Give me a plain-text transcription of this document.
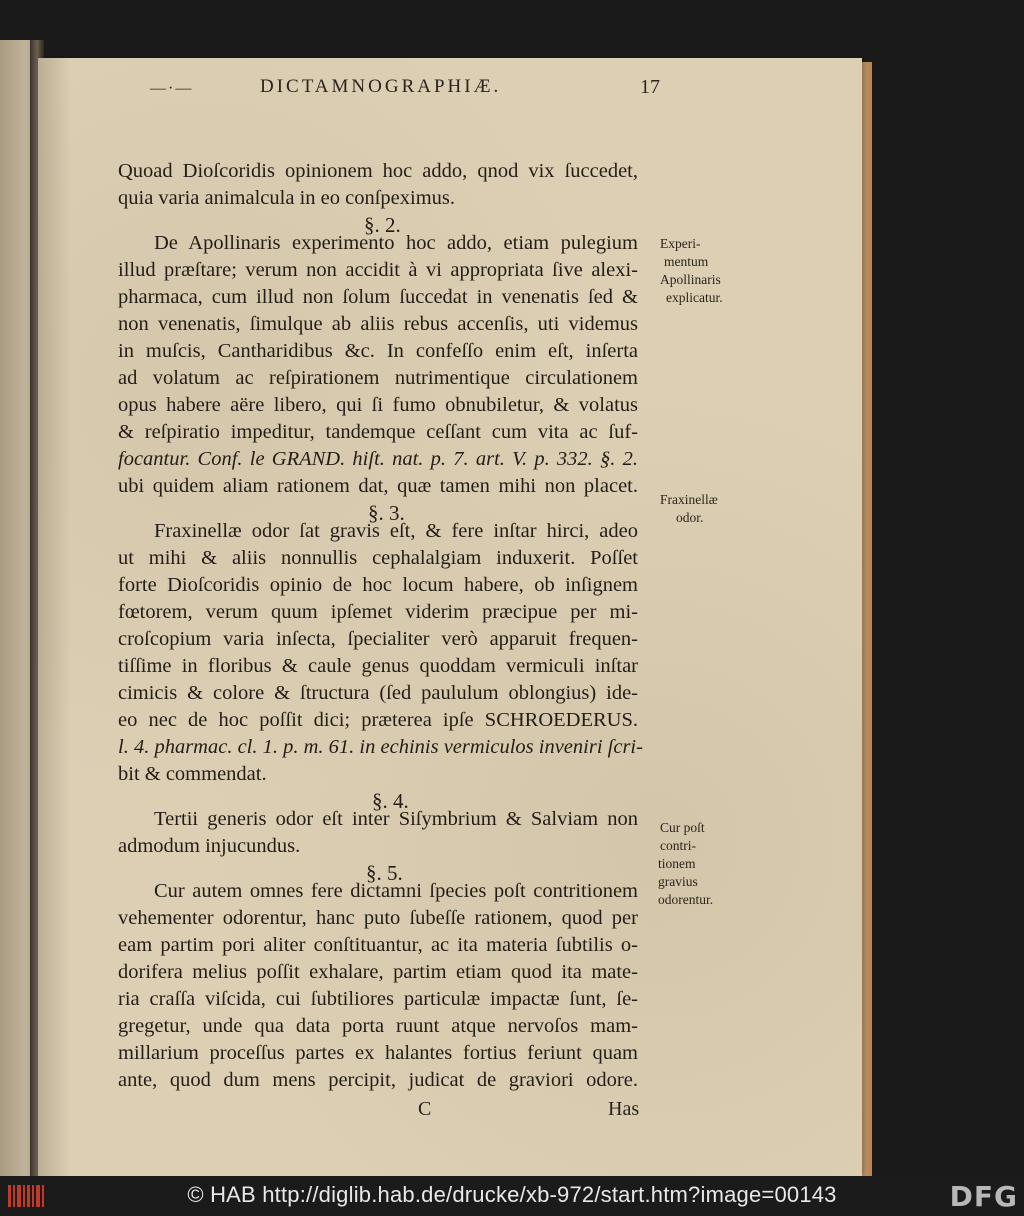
—·—	DICTAMNOGRAPHIÆ.	17
Quoad Dioſcoridis opinionem hoc addo, qnod vix ſuccedet,
quia varia animalcula in eo conſpeximus.
§. 2.
De Apollinaris experimento hoc addo, etiam pulegium
illud præſtare; verum non accidit à vi appropriata ſive alexi-
pharmaca, cum illud non ſolum ſuccedat in venenatis ſed &
non venenatis, ſimulque ab aliis rebus accenſis, uti videmus
in muſcis, Cantharidibus &c. In confeſſo enim eſt, inſerta
ad volatum ac reſpirationem nutrimentique circulationem
opus habere aëre libero, qui ſi fumo obnubiletur, & volatus
& reſpiratio impeditur, tandemque ceſſant cum vita ac ſuf-
focantur. Conf. le GRAND. hiſt. nat. p. 7. art. V. p. 332. §. 2.
ubi quidem aliam rationem dat, quæ tamen mihi non placet.
§. 3.
Fraxinellæ odor ſat gravis eſt, & fere inſtar hirci, adeo
ut mihi & aliis nonnullis cephalalgiam induxerit. Poſſet
forte Dioſcoridis opinio de hoc locum habere, ob inſignem
fœtorem, verum quum ipſemet viderim præcipue per mi-
croſcopium varia inſecta, ſpecialiter verò apparuit frequen-
tiſſime in floribus & caule genus quoddam vermiculi inſtar
cimicis & colore & ſtructura (ſed paululum oblongius) ide-
eo nec de hoc poſſit dici; præterea ipſe SCHROEDERUS.
l. 4. pharmac. cl. 1. p. m. 61. in echinis vermiculos inveniri ſcri-
bit & commendat.
§. 4.
Tertii generis odor eſt inter Siſymbrium & Salviam non
admodum injucundus.
§. 5.
Cur autem omnes fere dictamni ſpecies poſt contritionem
vehementer odorentur, hanc puto ſubeſſe rationem, quod per
eam partim pori aliter conſtituantur, ac ita materia ſubtilis o-
dorifera melius poſſit exhalare, partim etiam quod ita mate-
ria craſſa viſcida, cui ſubtiliores particulæ impactæ ſunt, ſe-
gregetur, unde qua data porta ruunt atque nervoſos mam-
millarium proceſſus partes ex halantes fortius feriunt quam
ante, quod dum mens percipit, judicat de graviori odore.
C	Has
Experi-
mentum
Apollinaris
explicatur.
Fraxinellæ
odor.
Cur poſt
contri-
tionem
gravius
odorentur.
© HAB http://diglib.hab.de/drucke/xb-972/start.htm?image=00143	DFG
